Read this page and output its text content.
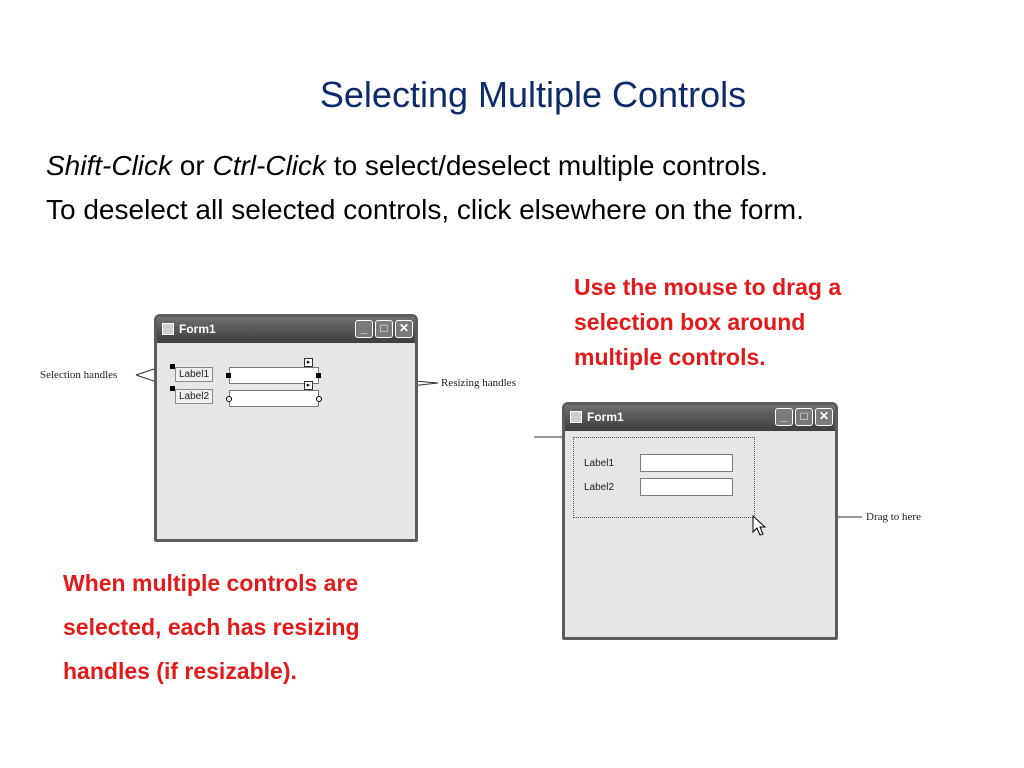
Selecting Multiple Controls
Shift-Click or Ctrl-Click to select/deselect multiple controls.
To deselect all selected controls, click elsewhere on the form.
Use the mouse to drag a
selection box around
multiple controls.
When multiple controls are
selected, each has resizing
handles (if resizable).
Form1	_	□ ✕
Label1
Label2
▸
▸
Selection handles
Resizing handles
Form1	_	□ ✕
Label1
Label2
Drag to here
